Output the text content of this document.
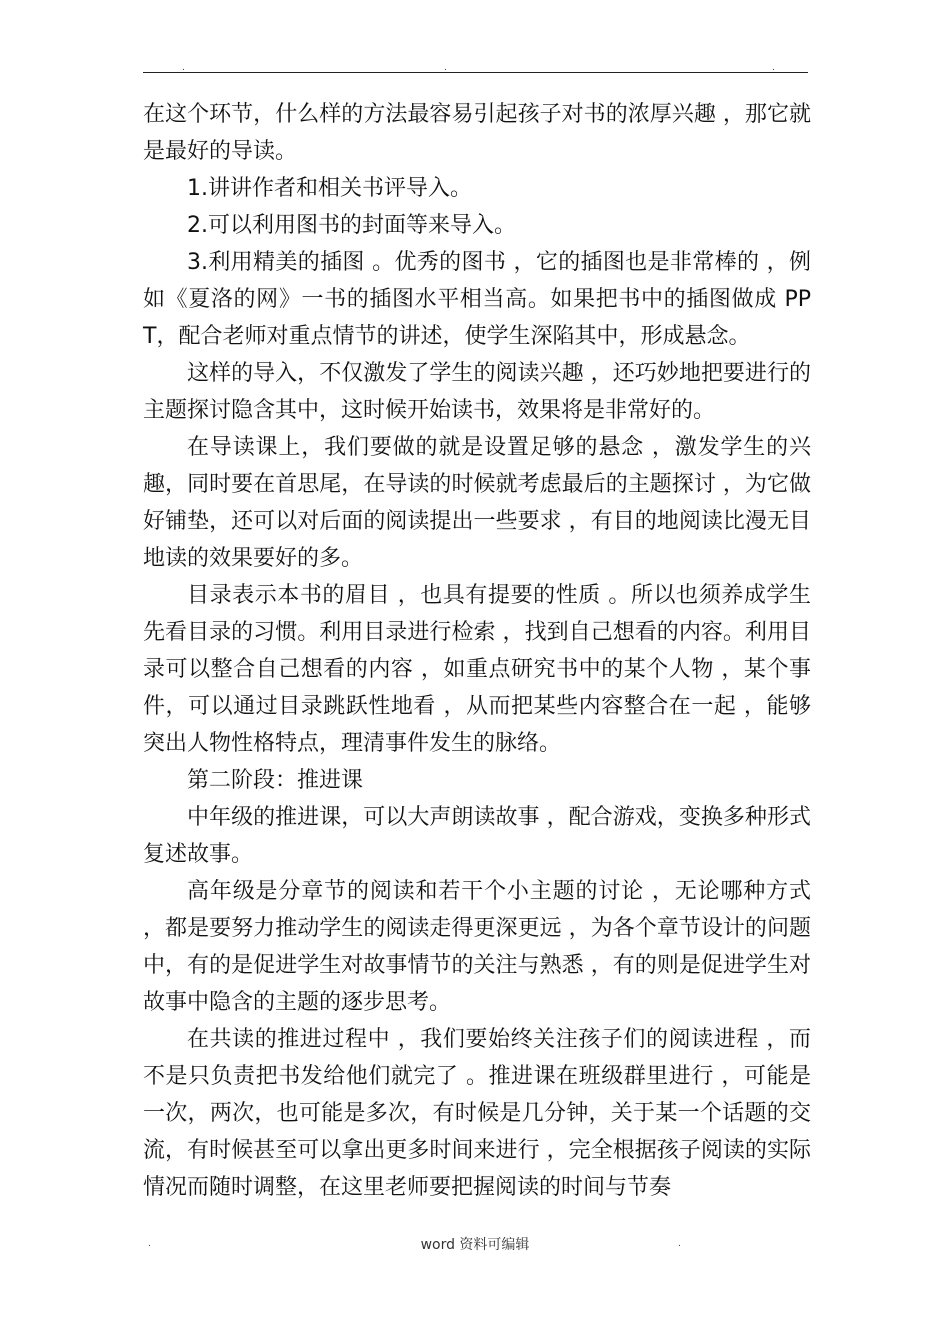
.	.	.

在这个环节，什么样的方法最容易引起孩子对书的浓厚兴趣 ，那它就是最好的导读。

1.讲讲作者和相关书评导入。

2.可以利用图书的封面等来导入。

3.利用精美的插图 。优秀的图书 ，它的插图也是非常棒的 ，例如《夏洛的网》一书的插图水平相当高。如果把书中的插图做成 PPT，配合老师对重点情节的讲述，使学生深陷其中，形成悬念。

这样的导入，不仅激发了学生的阅读兴趣 ，还巧妙地把要进行的主题探讨隐含其中，这时候开始读书，效果将是非常好的。

在导读课上，我们要做的就是设置足够的悬念 ，激发学生的兴趣，同时要在首思尾，在导读的时候就考虑最后的主题探讨 ，为它做好铺垫，还可以对后面的阅读提出一些要求 ，有目的地阅读比漫无目地读的效果要好的多。

目录表示本书的眉目 ，也具有提要的性质 。所以也须养成学生先看目录的习惯。利用目录进行检索 ，找到自己想看的内容。利用目录可以整合自己想看的内容 ，如重点研究书中的某个人物 ，某个事件，可以通过目录跳跃性地看 ，从而把某些内容整合在一起 ，能够突出人物性格特点，理清事件发生的脉络。

第二阶段：推进课

中年级的推进课，可以大声朗读故事 ，配合游戏，变换多种形式复述故事。

高年级是分章节的阅读和若干个小主题的讨论 ，无论哪种方式 ，都是要努力推动学生的阅读走得更深更远 ，为各个章节设计的问题中，有的是促进学生对故事情节的关注与熟悉 ，有的则是促进学生对故事中隐含的主题的逐步思考。

在共读的推进过程中 ，我们要始终关注孩子们的阅读进程 ，而不是只负责把书发给他们就完了 。推进课在班级群里进行 ，可能是一次，两次，也可能是多次，有时候是几分钟，关于某一个话题的交流，有时候甚至可以拿出更多时间来进行 ，完全根据孩子阅读的实际情况而随时调整，在这里老师要把握阅读的时间与节奏

.	word 资料可编辑	.
